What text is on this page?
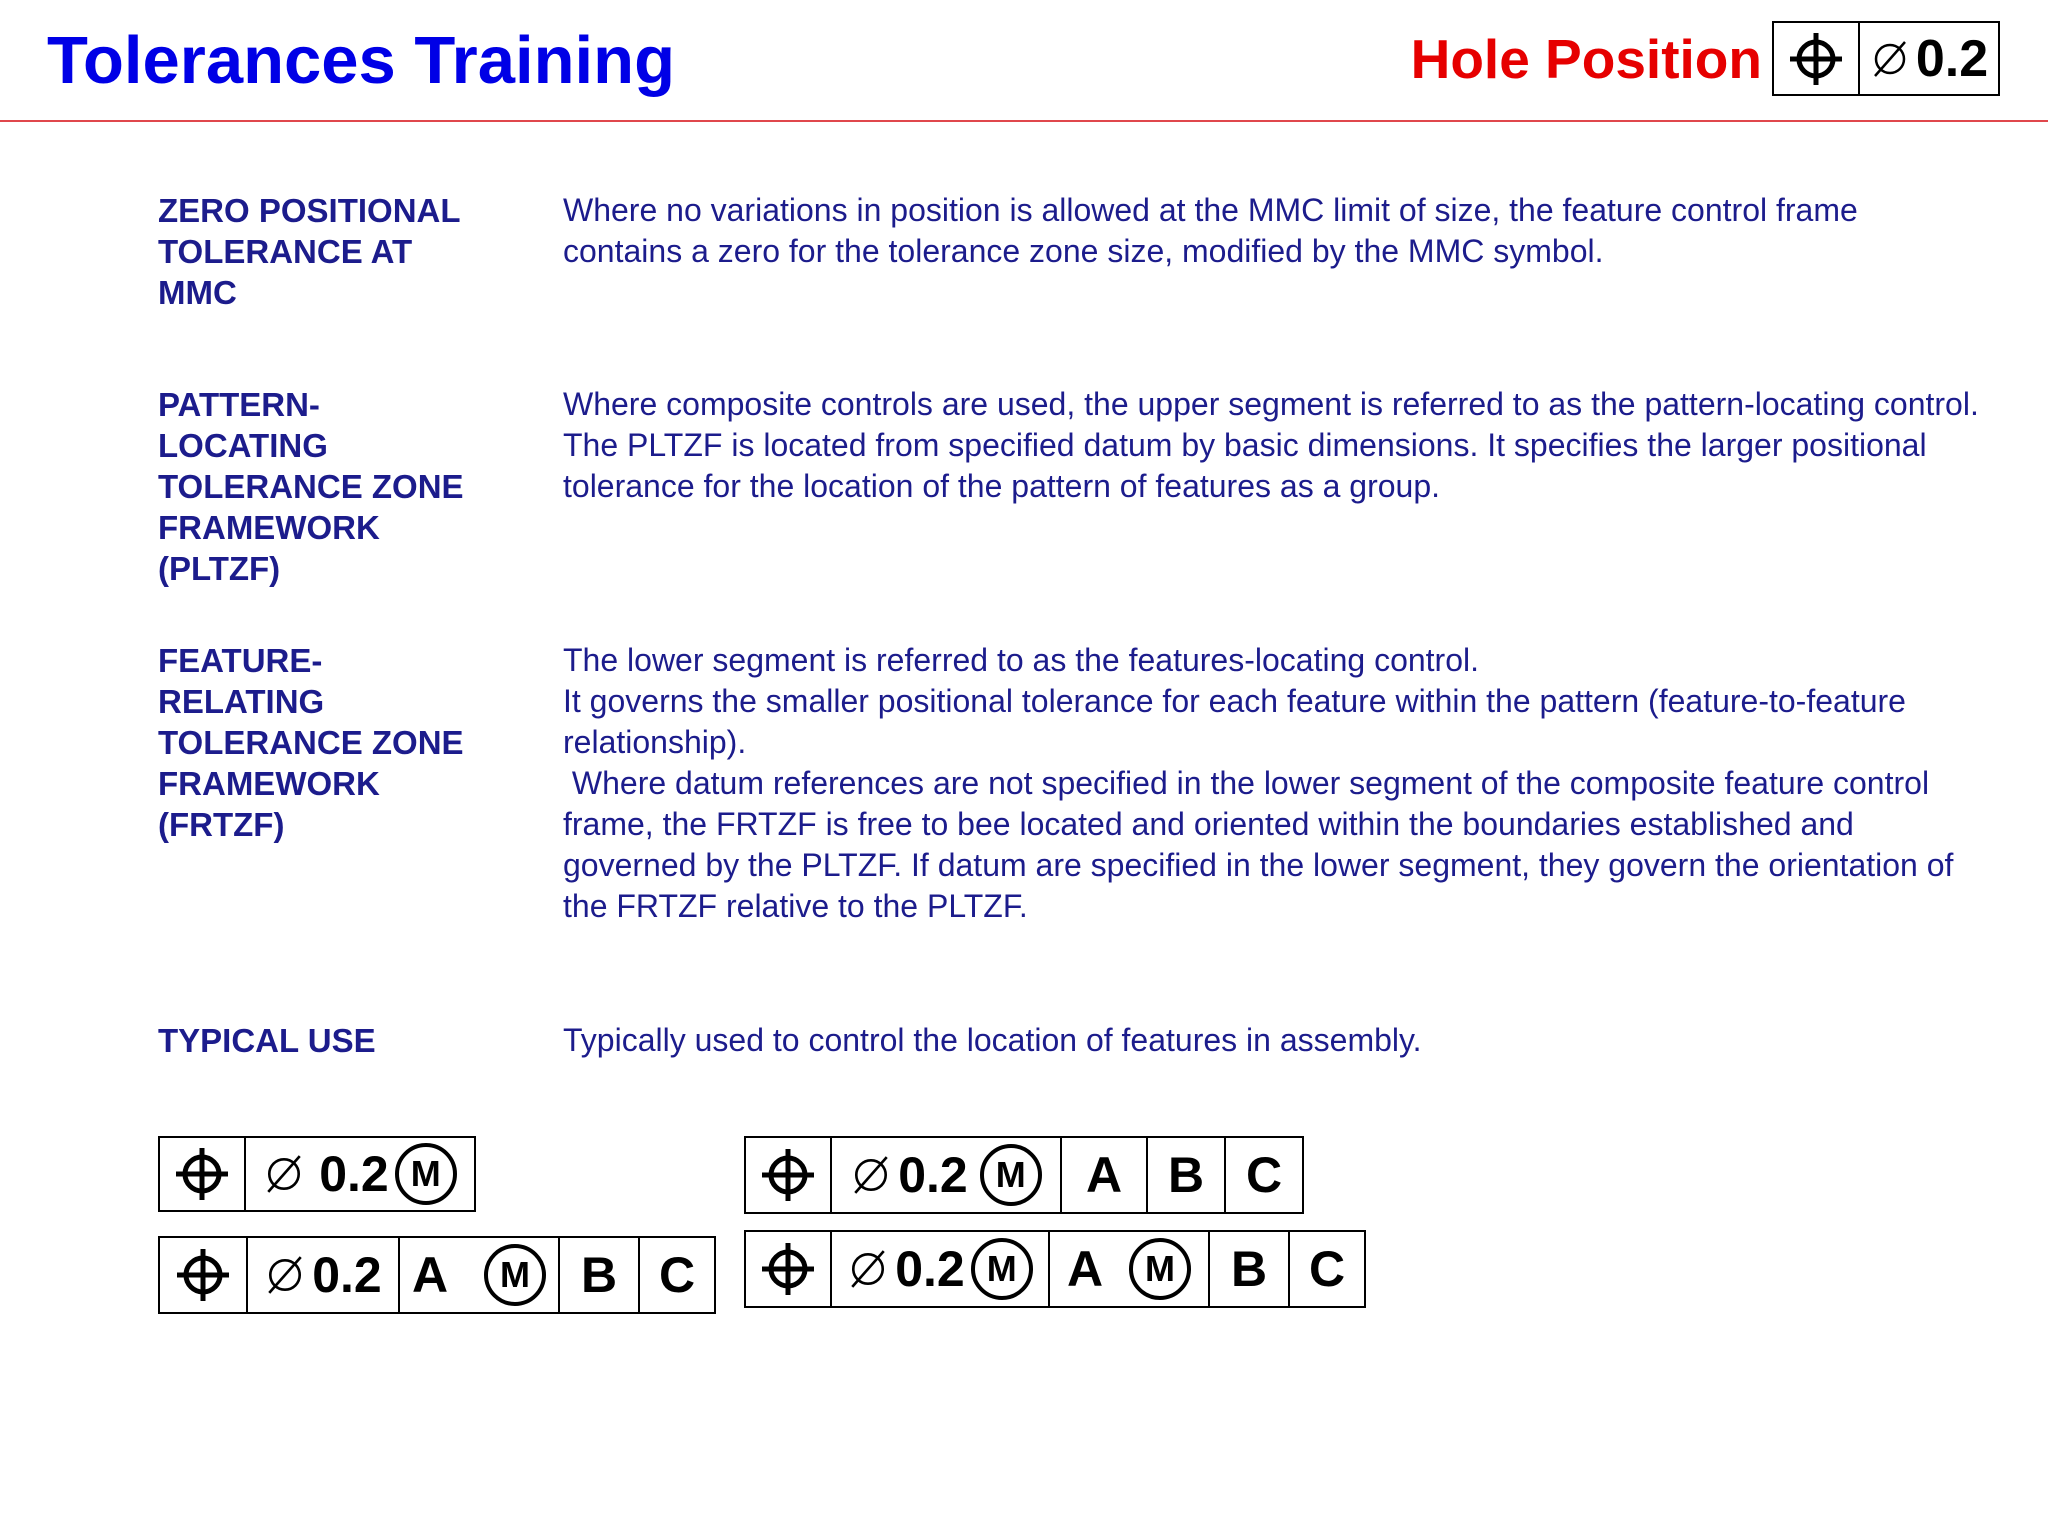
Tolerances Training	Hole Position	0.2

ZERO POSITIONAL
TOLERANCE AT
MMC

Where no variations in position is allowed at the MMC limit of size, the feature control frame contains a zero for the tolerance zone size, modified by the MMC symbol.

PATTERN-
LOCATING
TOLERANCE ZONE
FRAMEWORK
(PLTZF)

Where composite controls are used, the upper segment is referred to as the pattern-locating control.

The PLTZF is located from specified datum by basic dimensions. It specifies the larger positional tolerance for the location of the pattern of features as a group.

FEATURE-
RELATING
TOLERANCE ZONE
FRAMEWORK
(FRTZF)

The lower segment is referred to as the features-locating control.

It governs the smaller positional tolerance for each feature within the pattern (feature-to-feature relationship).

Where datum references are not specified in the lower segment of the composite feature control frame, the FRTZF is free to bee located and oriented within the boundaries established and governed by the PLTZF. If datum are specified in the lower segment, they govern the orientation of the FRTZF relative to the PLTZF.

TYPICAL USE	Typically used to control the location of features in assembly.

0.2 M
0.2 A	M	B C
0.2 M	A B C
0.2 M	A	M	B C
